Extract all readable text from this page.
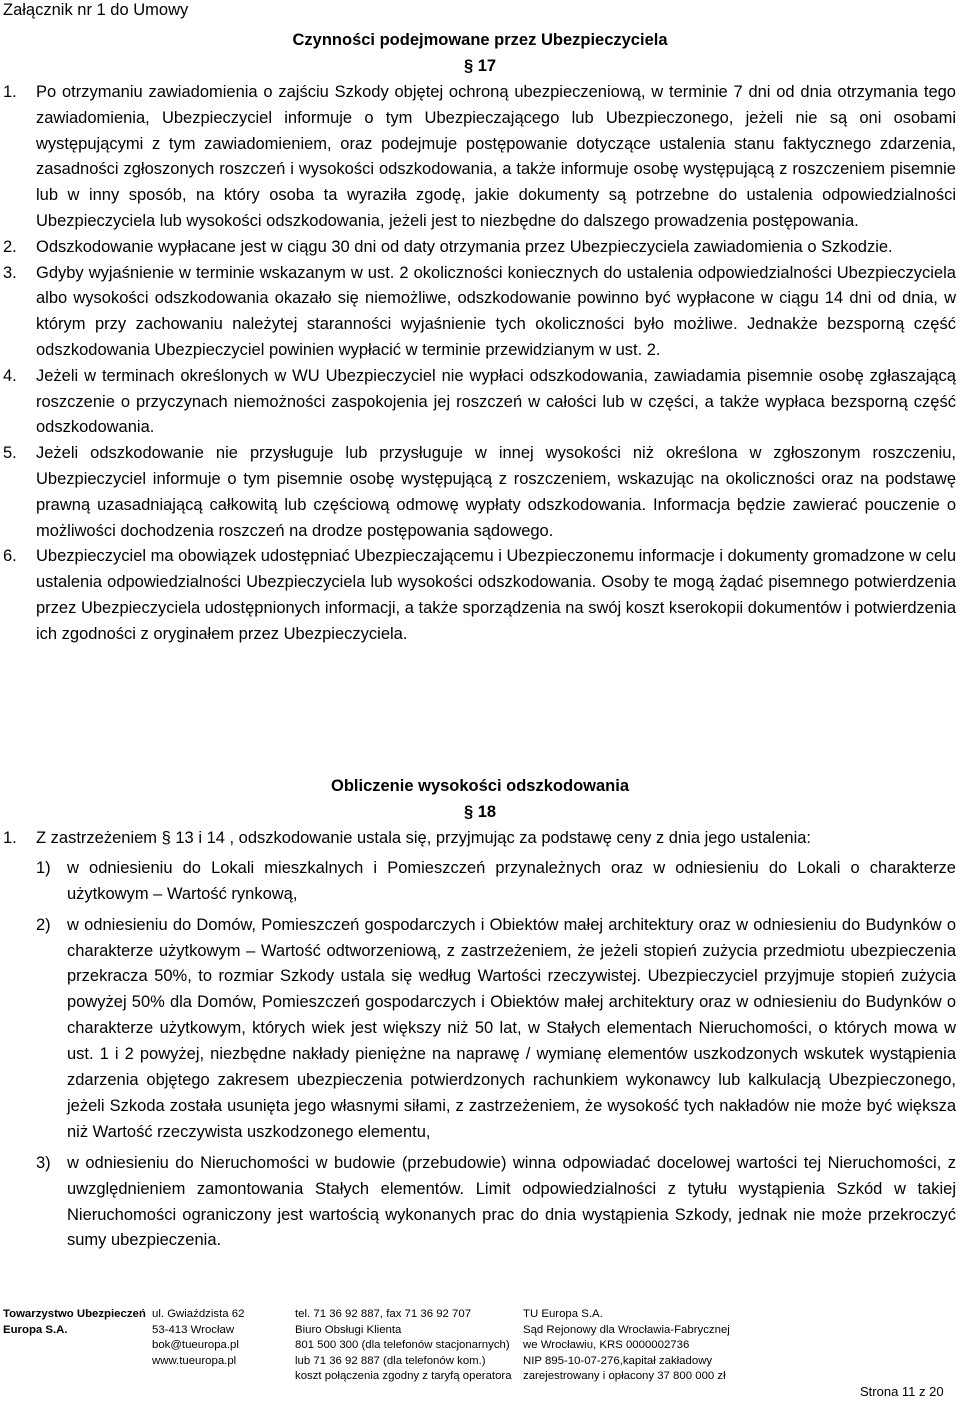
Załącznik nr 1 do Umowy
Czynności podejmowane przez Ubezpieczyciela
§ 17

1. Po otrzymaniu zawiadomienia o zajściu Szkody objętej ochroną ubezpieczeniową, w terminie 7 dni od dnia otrzymania tego zawiadomienia, Ubezpieczyciel informuje o tym Ubezpieczającego lub Ubezpieczonego, jeżeli nie są oni osobami występującymi z tym zawiadomieniem, oraz podejmuje postępowanie dotyczące ustalenia stanu faktycznego zdarzenia, zasadności zgłoszonych roszczeń i wysokości odszkodowania, a także informuje osobę występującą z roszczeniem pisemnie lub w inny sposób, na który osoba ta wyraziła zgodę, jakie dokumenty są potrzebne do ustalenia odpowiedzialności Ubezpieczyciela lub wysokości odszkodowania, jeżeli jest to niezbędne do dalszego prowadzenia postępowania.

2. Odszkodowanie wypłacane jest w ciągu 30 dni od daty otrzymania przez Ubezpieczyciela zawiadomienia o Szkodzie.

3. Gdyby wyjaśnienie w terminie wskazanym w ust. 2 okoliczności koniecznych do ustalenia odpowiedzialności Ubezpieczyciela albo wysokości odszkodowania okazało się niemożliwe, odszkodowanie powinno być wypłacone w ciągu 14 dni od dnia, w którym przy zachowaniu należytej staranności wyjaśnienie tych okoliczności było możliwe. Jednakże bezsporną część odszkodowania Ubezpieczyciel powinien wypłacić w terminie przewidzianym w ust. 2.

4. Jeżeli w terminach określonych w WU Ubezpieczyciel nie wypłaci odszkodowania, zawiadamia pisemnie osobę zgłaszającą roszczenie o przyczynach niemożności zaspokojenia jej roszczeń w całości lub w części, a także wypłaca bezsporną część odszkodowania.

5. Jeżeli odszkodowanie nie przysługuje lub przysługuje w innej wysokości niż określona w zgłoszonym roszczeniu, Ubezpieczyciel informuje o tym pisemnie osobę występującą z roszczeniem, wskazując na okoliczności oraz na podstawę prawną uzasadniającą całkowitą lub częściową odmowę wypłaty odszkodowania. Informacja będzie zawierać pouczenie o możliwości dochodzenia roszczeń na drodze postępowania sądowego.

6. Ubezpieczyciel ma obowiązek udostępniać Ubezpieczającemu i Ubezpieczonemu informacje i dokumenty gromadzone w celu ustalenia odpowiedzialności Ubezpieczyciela lub wysokości odszkodowania. Osoby te mogą żądać pisemnego potwierdzenia przez Ubezpieczyciela udostępnionych informacji, a także sporządzenia na swój koszt kserokopii dokumentów i potwierdzenia ich zgodności z oryginałem przez Ubezpieczyciela.

Obliczenie wysokości odszkodowania
§ 18

1. Z zastrzeżeniem § 13 i 14 , odszkodowanie ustala się, przyjmując za podstawę ceny z dnia jego ustalenia:

1) w odniesieniu do Lokali mieszkalnych i Pomieszczeń przynależnych oraz w odniesieniu do Lokali o charakterze użytkowym – Wartość rynkową,

2) w odniesieniu do Domów, Pomieszczeń gospodarczych i Obiektów małej architektury oraz w odniesieniu do Budynków o charakterze użytkowym – Wartość odtworzeniową, z zastrzeżeniem, że jeżeli stopień zużycia przedmiotu ubezpieczenia przekracza 50%, to rozmiar Szkody ustala się według Wartości rzeczywistej. Ubezpieczyciel przyjmuje stopień zużycia powyżej 50% dla Domów, Pomieszczeń gospodarczych i Obiektów małej architektury oraz w odniesieniu do Budynków o charakterze użytkowym, których wiek jest większy niż 50 lat, w Stałych elementach Nieruchomości, o których mowa w ust. 1 i 2 powyżej, niezbędne nakłady pieniężne na naprawę / wymianę elementów uszkodzonych wskutek wystąpienia zdarzenia objętego zakresem ubezpieczenia potwierdzonych rachunkiem wykonawcy lub kalkulacją Ubezpieczonego, jeżeli Szkoda została usunięta jego własnymi siłami, z zastrzeżeniem, że wysokość tych nakładów nie może być większa niż Wartość rzeczywista uszkodzonego elementu,

3) w odniesieniu do Nieruchomości w budowie (przebudowie) winna odpowiadać docelowej wartości tej Nieruchomości, z uwzględnieniem zamontowania Stałych elementów. Limit odpowiedzialności z tytułu wystąpienia Szkód w takiej Nieruchomości ograniczony jest wartością wykonanych prac do dnia wystąpienia Szkody, jednak nie może przekroczyć sumy ubezpieczenia.

Towarzystwo Ubezpieczeń
Europa S.A.
ul. Gwiaździsta 62
53-413 Wrocław
bok@tueuropa.pl
www.tueuropa.pl
tel. 71 36 92 887, fax 71 36 92 707
Biuro Obsługi Klienta
801 500 300 (dla telefonów stacjonarnych)
lub 71 36 92 887 (dla telefonów kom.)
koszt połączenia zgodny z taryfą operatora
TU Europa S.A.
Sąd Rejonowy dla Wrocławia-Fabrycznej
we Wrocławiu, KRS 0000002736
NIP 895-10-07-276,kapitał zakładowy
zarejestrowany i opłacony 37 800 000 zł
Strona 11 z 20
